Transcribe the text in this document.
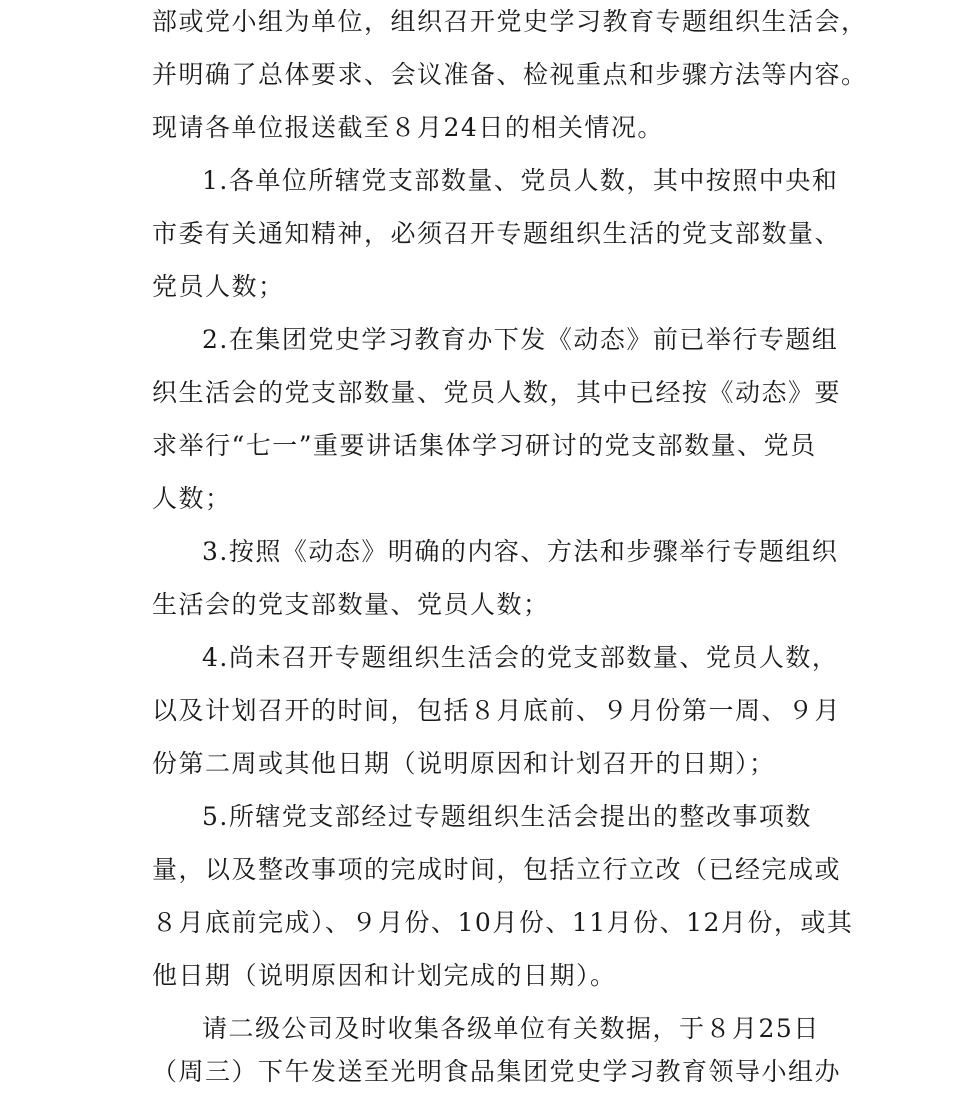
部或党小组为单位，组织召开党史学习教育专题组织生活会，
并明确了总体要求、会议准备、检视重点和步骤方法等内容。
现请各单位报送截至８月24日的相关情况。
1.各单位所辖党支部数量、党员人数，其中按照中央和
市委有关通知精神，必须召开专题组织生活的党支部数量、
党员人数；
2.在集团党史学习教育办下发《动态》前已举行专题组
织生活会的党支部数量、党员人数，其中已经按《动态》要
求举行“七一”重要讲话集体学习研讨的党支部数量、党员
人数；
3.按照《动态》明确的内容、方法和步骤举行专题组织
生活会的党支部数量、党员人数；
4.尚未召开专题组织生活会的党支部数量、党员人数，
以及计划召开的时间，包括８月底前、９月份第一周、９月
份第二周或其他日期（说明原因和计划召开的日期）；
5.所辖党支部经过专题组织生活会提出的整改事项数
量，以及整改事项的完成时间，包括立行立改（已经完成或
８月底前完成）、９月份、10月份、11月份、12月份，或其
他日期（说明原因和计划完成的日期）。
请二级公司及时收集各级单位有关数据，于８月25日
（周三）下午发送至光明食品集团党史学习教育领导小组办
